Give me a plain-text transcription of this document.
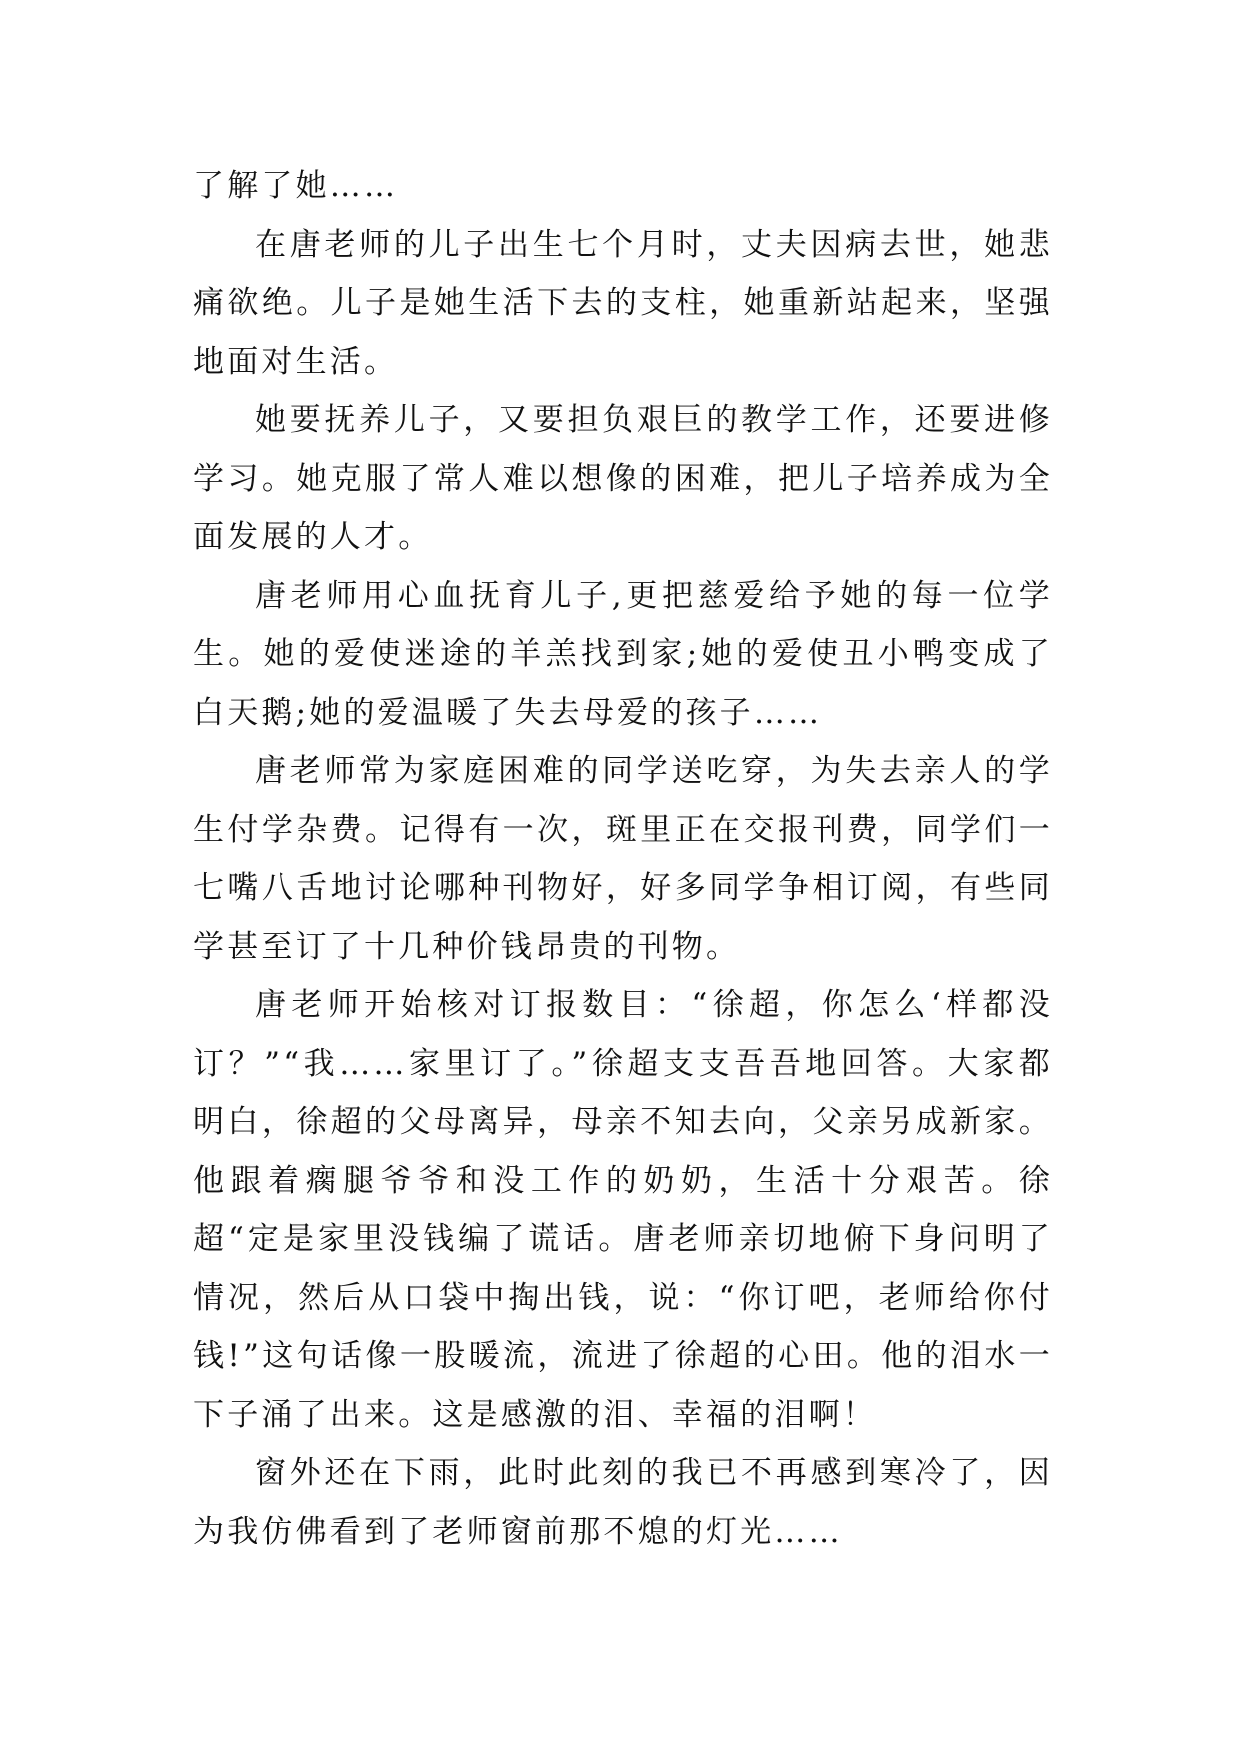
了解了她……

在唐老师的儿子出生七个月时，丈夫因病去世，她悲痛欲绝。儿子是她生活下去的支柱，她重新站起来，坚强地面对生活。

她要抚养儿子，又要担负艰巨的教学工作，还要进修学习。她克服了常人难以想像的困难，把儿子培养成为全面发展的人才。

唐老师用心血抚育儿子,更把慈爱给予她的每一位学生。她的爱使迷途的羊羔找到家;她的爱使丑小鸭变成了白天鹅;她的爱温暖了失去母爱的孩子……

唐老师常为家庭困难的同学送吃穿，为失去亲人的学生付学杂费。记得有一次，斑里正在交报刊费，同学们一七嘴八舌地讨论哪种刊物好，好多同学争相订阅，有些同学甚至订了十几种价钱昂贵的刊物。

唐老师开始核对订报数目：“徐超，你怎么‘样都没订？”“我……家里订了。”徐超支支吾吾地回答。大家都明白，徐超的父母离异，母亲不知去向，父亲另成新家。他跟着瘸腿爷爷和没工作的奶奶，生活十分艰苦。徐超“定是家里没钱编了谎话。唐老师亲切地俯下身问明了情况，然后从口袋中掏出钱，说：“你订吧，老师给你付钱!”这句话像一股暖流，流进了徐超的心田。他的泪水一下子涌了出来。这是感激的泪、幸福的泪啊！

窗外还在下雨，此时此刻的我已不再感到寒冷了，因为我仿佛看到了老师窗前那不熄的灯光……
